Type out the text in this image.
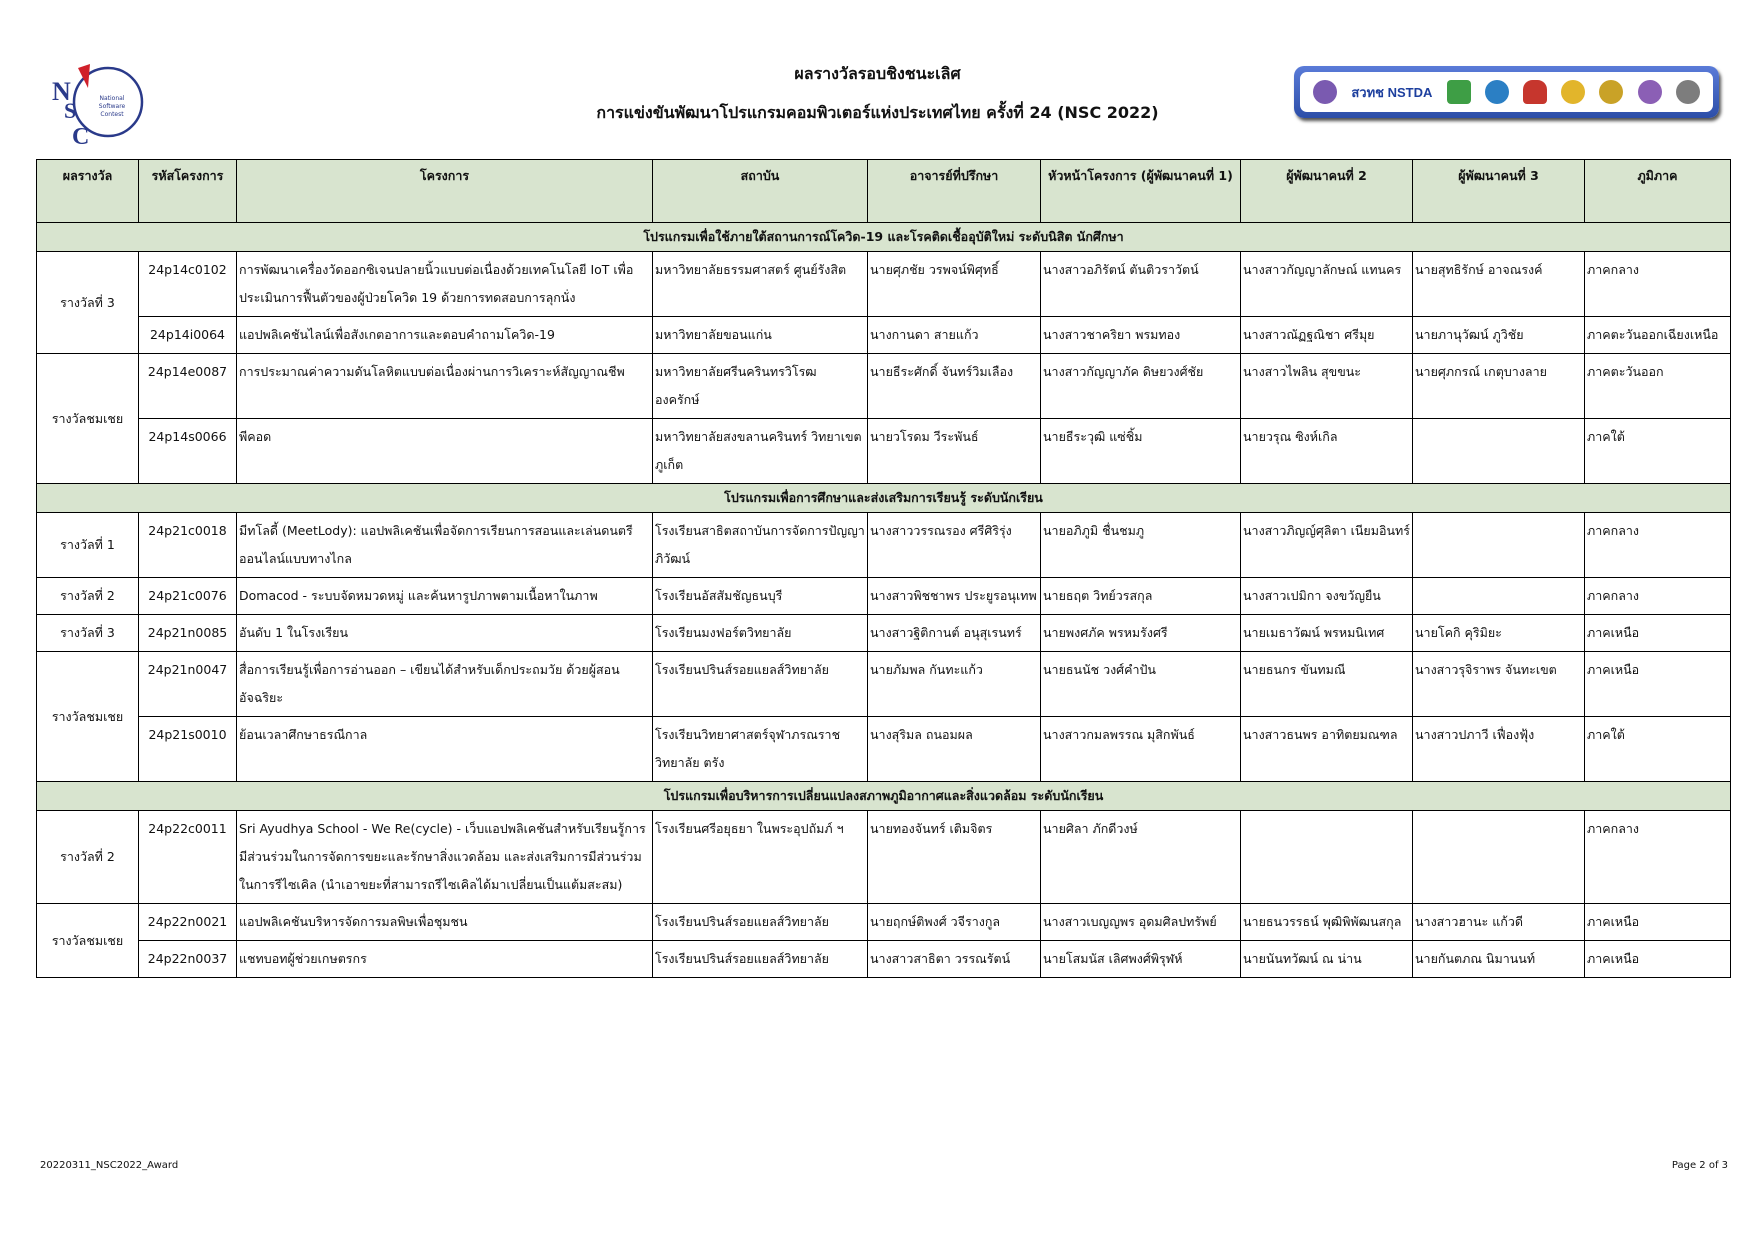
N
S
C
National
Software
Contest
ผลรางวัลรอบชิงชนะเลิศ
การแข่งขันพัฒนาโปรแกรมคอมพิวเตอร์แห่งประเทศไทย ครั้งที่ 24 (NSC 2022)
สวทช NSTDA
ผลรางวัล	รหัสโครงการ	โครงการ	สถาบัน	อาจารย์ที่ปรึกษา	หัวหน้าโครงการ (ผู้พัฒนาคนที่ 1)	ผู้พัฒนาคนที่ 2	ผู้พัฒนาคนที่ 3	ภูมิภาค
โปรแกรมเพื่อใช้ภายใต้สถานการณ์โควิด-19 และโรคติดเชื้ออุบัติใหม่ ระดับนิสิต นักศึกษา								
รางวัลที่ 3	24p14c0102	การพัฒนาเครื่องวัดออกซิเจนปลายนิ้วแบบต่อเนื่องด้วยเทคโนโลยี IoT เพื่อประเมินการฟื้นตัวของผู้ป่วยโควิด 19 ด้วยการทดสอบการลุกนั่ง	มหาวิทยาลัยธรรมศาสตร์ ศูนย์รังสิต	นายศุภชัย วรพจน์พิศุทธิ์	นางสาวอภิรัตน์ ตันติวราวัตน์	นางสาวกัญญาลักษณ์ แทนคร	นายสุทธิรักษ์ อาจณรงค์	ภาคกลาง
	24p14i0064	แอปพลิเคชันไลน์เพื่อสังเกตอาการและตอบคำถามโควิด-19	มหาวิทยาลัยขอนแก่น	นางกานดา สายแก้ว	นางสาวชาคริยา พรมทอง	นางสาวณัฏฐณิชา ศรีมุย	นายภานุวัฒน์ ภูวิชัย	ภาคตะวันออกเฉียงเหนือ
รางวัลชมเชย	24p14e0087	การประมาณค่าความดันโลหิตแบบต่อเนื่องผ่านการวิเคราะห์สัญญาณชีพ	มหาวิทยาลัยศรีนครินทรวิโรฒ องครักษ์	นายธีระศักดิ์ จันทร์วิมเลือง	นางสาวกัญญาภัค ดิษยวงศ์ชัย	นางสาวไพลิน สุขขนะ	นายศุภกรณ์ เกตุบางลาย	ภาคตะวันออก
	24p14s0066	พีคอด	มหาวิทยาลัยสงขลานครินทร์ วิทยาเขตภูเก็ต	นายวโรดม วีระพันธ์	นายธีระวุฒิ แซ่ชิ้ม	นายวรุณ ซิงห์เกิล		ภาคใต้
โปรแกรมเพื่อการศึกษาและส่งเสริมการเรียนรู้ ระดับนักเรียน								
รางวัลที่ 1	24p21c0018	มีทโลดี้ (MeetLody): แอปพลิเคชันเพื่อจัดการเรียนการสอนและเล่นดนตรีออนไลน์แบบทางไกล	โรงเรียนสาธิตสถาบันการจัดการปัญญาภิวัฒน์	นางสาววรรณรอง ศรีศิริรุ่ง	นายอภิภูมิ ชื่นชมภู	นางสาวภิญญ์ศุลิตา เนียมอินทร์		ภาคกลาง
รางวัลที่ 2	24p21c0076	Domacod - ระบบจัดหมวดหมู่ และค้นหารูปภาพตามเนื้อหาในภาพ	โรงเรียนอัสสัมชัญธนบุรี	นางสาวพิชชาพร ประยูรอนุเทพ	นายธฤต วิทย์วรสกุล	นางสาวเปมิกา จงขวัญยืน		ภาคกลาง
รางวัลที่ 3	24p21n0085	อันดับ 1 ในโรงเรียน	โรงเรียนมงฟอร์ตวิทยาลัย	นางสาวฐิติกานต์ อนุสุเรนทร์	นายพงศภัค พรหมรังศรี	นายเมธาวัฒน์ พรหมนิเทศ	นายโคกิ คุริมิยะ	ภาคเหนือ
รางวัลชมเชย	24p21n0047	สื่อการเรียนรู้เพื่อการอ่านออก – เขียนได้สำหรับเด็กประถมวัย ด้วยผู้สอนอัจฉริยะ	โรงเรียนปรินส์รอยแยลส์วิทยาลัย	นายภัมพล กันทะแก้ว	นายธนนัช วงศ์คำปัน	นายธนกร ขันทมณี	นางสาวรุจิราพร จันทะเขต	ภาคเหนือ
	24p21s0010	ย้อนเวลาศึกษาธรณีกาล	โรงเรียนวิทยาศาสตร์จุฬาภรณราชวิทยาลัย ตรัง	นางสุริมล ถนอมผล	นางสาวกมลพรรณ มุสิกพันธ์	นางสาวธนพร อาทิตยมณฑล	นางสาวปภาวี เฟื่องฟุ้ง	ภาคใต้
โปรแกรมเพื่อบริหารการเปลี่ยนแปลงสภาพภูมิอากาศและสิ่งแวดล้อม ระดับนักเรียน								
รางวัลที่ 2	24p22c0011	Sri Ayudhya School - We Re(cycle) - เว็บแอปพลิเคชันสำหรับเรียนรู้การมีส่วนร่วมในการจัดการขยะและรักษาสิ่งแวดล้อม และส่งเสริมการมีส่วนร่วมในการรีไซเคิล (นำเอาขยะที่สามารถรีไซเคิลได้มาเปลี่ยนเป็นแต้มสะสม)	โรงเรียนศรีอยุธยา ในพระอุปถัมภ์ ฯ	นายทองจันทร์ เติมจิตร	นายศิลา ภักดีวงษ์			ภาคกลาง
รางวัลชมเชย	24p22n0021	แอปพลิเคชันบริหารจัดการมลพิษเพื่อชุมชน	โรงเรียนปรินส์รอยแยลส์วิทยาลัย	นายฤกษ์ติพงศ์ วจีรางกูล	นางสาวเบญญพร อุดมศิลปทรัพย์	นายธนวรรธน์ พุฒิพิพัฒนสกุล	นางสาวฮานะ แก้วดี	ภาคเหนือ
	24p22n0037	แชทบอทผู้ช่วยเกษตรกร	โรงเรียนปรินส์รอยแยลส์วิทยาลัย	นางสาวสาธิตา วรรณรัตน์	นายโสมนัส เลิศพงศ์พิรุฬห์	นายนันทวัฒน์ ณ น่าน	นายกันตภณ นิมานนท์	ภาคเหนือ
20220311_NSC2022_Award	Page 2 of 3
